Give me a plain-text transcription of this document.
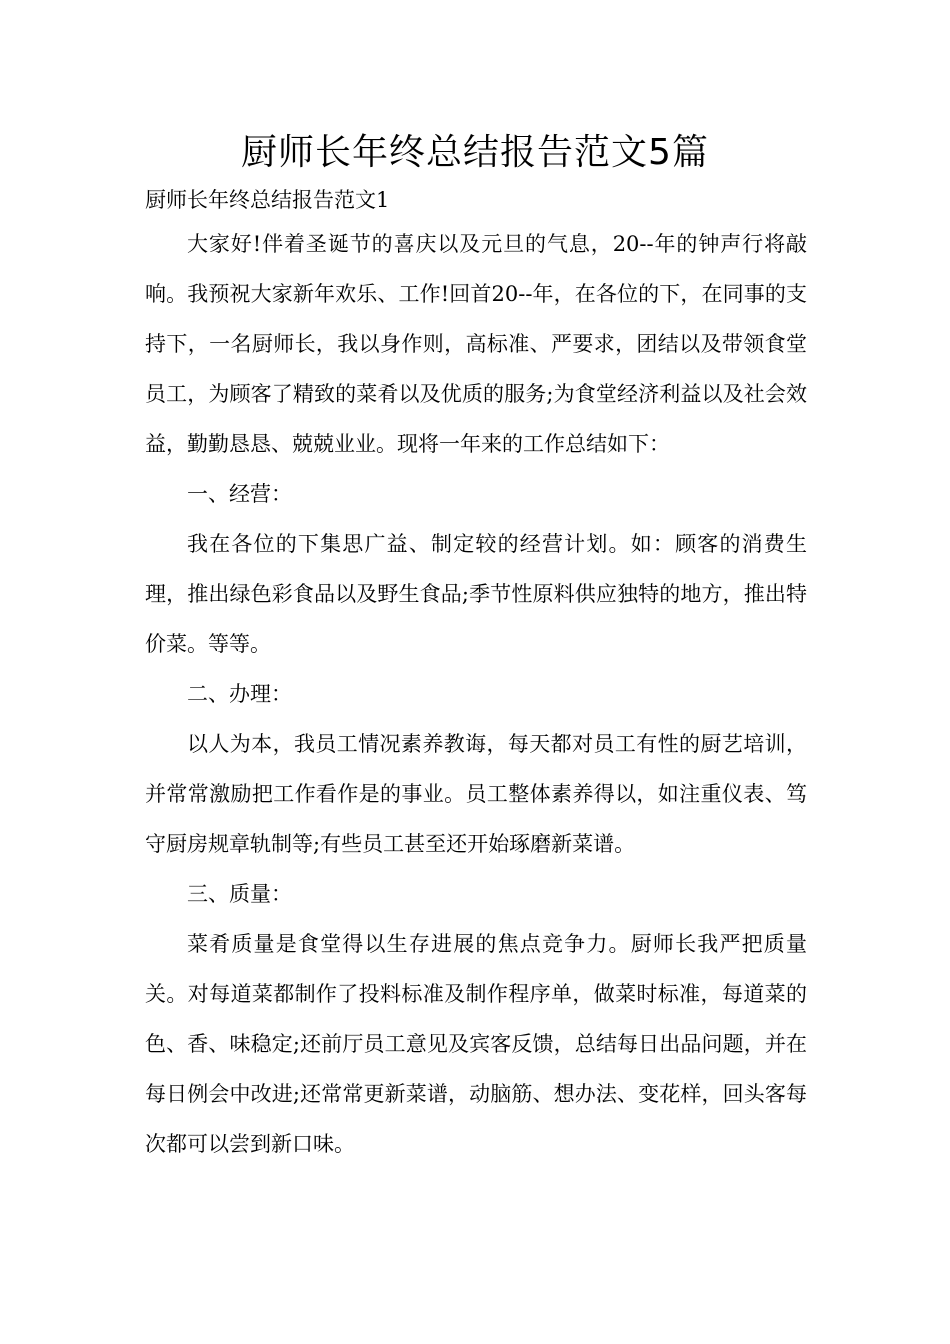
厨师长年终总结报告范文5篇

厨师长年终总结报告范文1

大家好!伴着圣诞节的喜庆以及元旦的气息，20--年的钟声行将敲响。我预祝大家新年欢乐、工作!回首20--年，在各位的下，在同事的支持下，一名厨师长，我以身作则，高标准、严要求，团结以及带领食堂员工，为顾客了精致的菜肴以及优质的服务;为食堂经济利益以及社会效益，勤勤恳恳、兢兢业业。现将一年来的工作总结如下：

一、经营：

我在各位的下集思广益、制定较的经营计划。如：顾客的消费生理，推出绿色彩食品以及野生食品;季节性原料供应独特的地方，推出特价菜。等等。

二、办理：

以人为本，我员工情况素养教诲，每天都对员工有性的厨艺培训，并常常激励把工作看作是的事业。员工整体素养得以，如注重仪表、笃守厨房规章轨制等;有些员工甚至还开始琢磨新菜谱。

三、质量：

菜肴质量是食堂得以生存进展的焦点竞争力。厨师长我严把质量关。对每道菜都制作了投料标准及制作程序单，做菜时标准，每道菜的色、香、味稳定;还前厅员工意见及宾客反馈，总结每日出品问题，并在每日例会中改进;还常常更新菜谱，动脑筋、想办法、变花样，回头客每次都可以尝到新口味。
